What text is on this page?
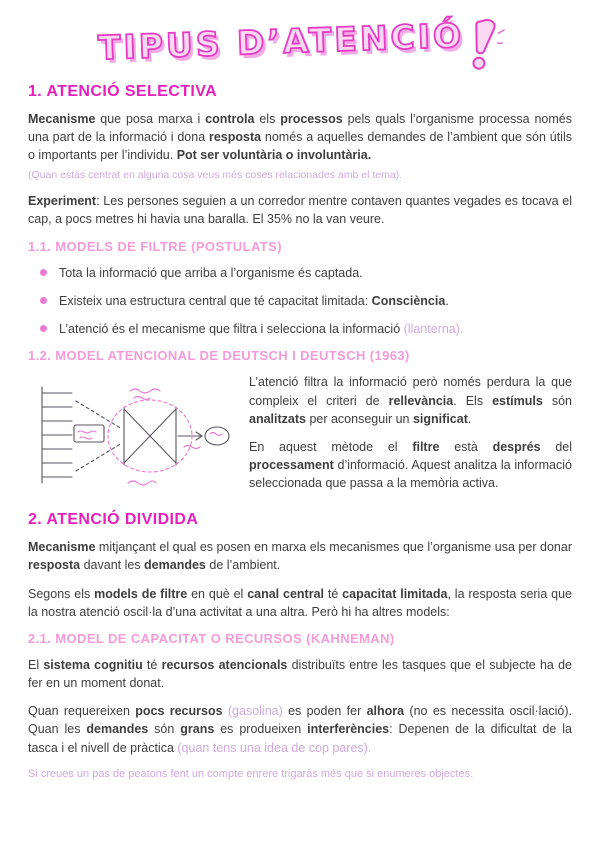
TIPUS D’ATENCIÓ
1. ATENCIÓ SELECTIVA

Mecanisme que posa marxa i controla els processos pels quals l’organisme processa només una part de la informació i dona resposta només a aquelles demandes de l’ambient que són útils o importants per l’individu. Pot ser voluntària o involuntària.

(Quan estàs centrat en alguna cosa veus més coses relacionades amb el tema).

Experiment: Les persones seguien a un corredor mentre contaven quantes vegades es tocava el cap, a pocs metres hi havia una baralla. El 35% no la van veure.

1.1. MODELS DE FILTRE (POSTULATS)
Tota la informació que arriba a l’organisme és captada.
Existeix una estructura central que té capacitat limitada: Consciència.
L’atenció és el mecanisme que filtra i selecciona la informació (llanterna).
1.2. MODEL ATENCIONAL DE DEUTSCH I DEUTSCH (1963)

L’atenció filtra la informació però només perdura la que compleix el criteri de rellevància. Els estímuls són analitzats per aconseguir un significat.

En aquest mètode el filtre està després del processament d’informació. Aquest analitza la informació seleccionada que passa a la memòria activa.

2. ATENCIÓ DIVIDIDA

Mecanisme mitjançant el qual es posen en marxa els mecanismes que l’organisme usa per donar resposta davant les demandes de l’ambient.

Segons els models de filtre en què el canal central té capacitat limitada, la resposta seria que la nostra atenció oscil·la d’una activitat a una altra. Però hi ha altres models:

2.1. MODEL DE CAPACITAT O RECURSOS (KAHNEMAN)

El sistema cognitiu té recursos atencionals distribuïts entre les tasques que el subjecte ha de fer en un moment donat.

Quan requereixen pocs recursos (gasolina) es poden fer alhora (no es necessita oscil·lació). Quan les demandes són grans es produeixen interferències: Depenen de la dificultat de la tasca i el nivell de pràctica (quan tens una idea de cop pares).

Si creues un pas de peatons fent un compte enrere trigaràs més que si enumeres objectes.
